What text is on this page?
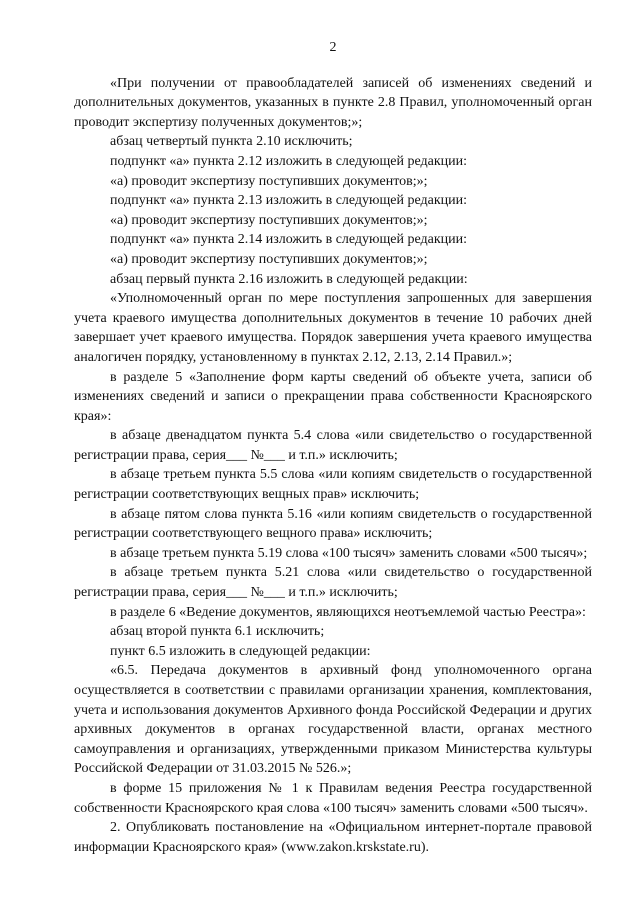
2

«При получении от правообладателей записей об изменениях сведений и дополнительных документов, указанных в пункте 2.8 Правил, уполномоченный орган проводит экспертизу полученных документов;»;

абзац четвертый пункта 2.10 исключить;

подпункт «а» пункта 2.12 изложить в следующей редакции:

«а) проводит экспертизу поступивших документов;»;

подпункт «а» пункта 2.13 изложить в следующей редакции:

«а) проводит экспертизу поступивших документов;»;

подпункт «а» пункта 2.14 изложить в следующей редакции:

«а) проводит экспертизу поступивших документов;»;

абзац первый пункта 2.16 изложить в следующей редакции:

«Уполномоченный орган по мере поступления запрошенных для завершения учета краевого имущества дополнительных документов в течение 10 рабочих дней завершает учет краевого имущества. Порядок завершения учета краевого имущества аналогичен порядку, установленному в пунктах 2.12, 2.13, 2.14 Правил.»;

в разделе 5 «Заполнение форм карты сведений об объекте учета, записи об изменениях сведений и записи о прекращении права собственности Красноярского края»:

в абзаце двенадцатом пункта 5.4 слова «или свидетельство о государственной регистрации права, серия___ №___ и т.п.» исключить;

в абзаце третьем пункта 5.5 слова «или копиям свидетельств о государственной регистрации соответствующих вещных прав» исключить;

в абзаце пятом слова пункта 5.16 «или копиям свидетельств о государственной регистрации соответствующего вещного права» исключить;

в абзаце третьем пункта 5.19 слова «100 тысяч» заменить словами «500 тысяч»;

в абзаце третьем пункта 5.21 слова «или свидетельство о государственной регистрации права, серия___ №___ и т.п.» исключить;

в разделе 6 «Ведение документов, являющихся неотъемлемой частью Реестра»:

абзац второй пункта 6.1 исключить;

пункт 6.5 изложить в следующей редакции:

«6.5. Передача документов в архивный фонд уполномоченного органа осуществляется в соответствии с правилами организации хранения, комплектования, учета и использования документов Архивного фонда Российской Федерации и других архивных документов в органах государственной власти, органах местного самоуправления и организациях, утвержденными приказом Министерства культуры Российской Федерации от 31.03.2015 № 526.»;

в форме 15 приложения № 1 к Правилам ведения Реестра государственной собственности Красноярского края слова «100 тысяч» заменить словами «500 тысяч».

2. Опубликовать постановление на «Официальном интернет-портале правовой информации Красноярского края» (www.zakon.krskstate.ru).
